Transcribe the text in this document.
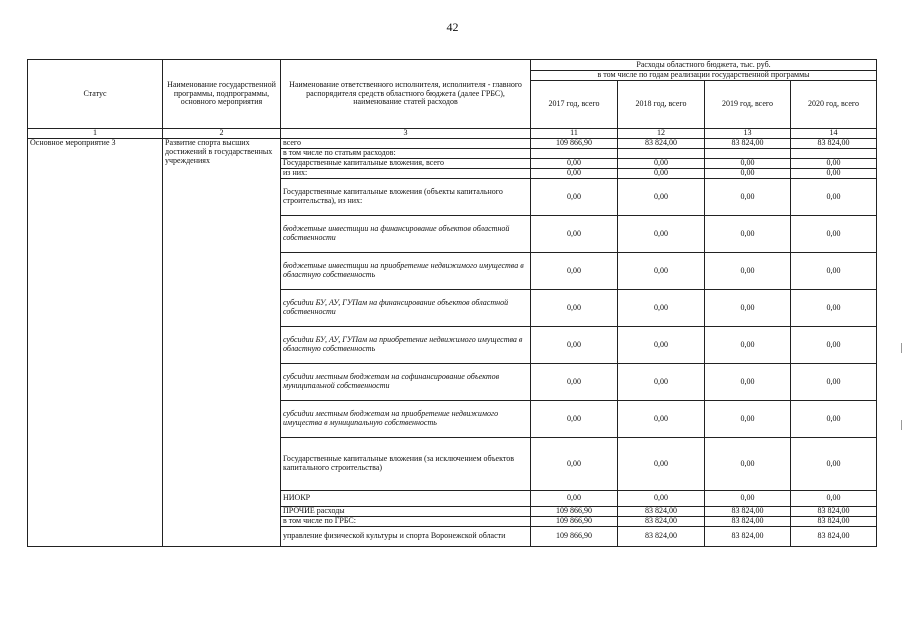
42
Статус	Наименование государственной программы, подпрограммы, основного мероприятия	Наименование ответственного исполнителя, исполнителя - главного распорядителя средств областного бюджета (далее ГРБС), наименование статей расходов	Расходы областного бюджета, тыс. руб.			
			в том числе по годам реализации государственной программы			
			2017 год, всего	2018 год, всего	2019 год, всего	2020 год, всего
1	2	3	11	12	13	14
Основное мероприятие 3	Развитие спорта высших достижений в государственных учреждениях	всего	109 866,90	83 824,00	83 824,00	83 824,00
		в том числе по статьям расходов:				
		Государственные капитальные вложения, всего	0,00	0,00	0,00	0,00
		из них:	0,00	0,00	0,00	0,00
		Государственные капитальные вложения (объекты капитального строительства), из них:	0,00	0,00	0,00	0,00
		бюджетные инвестиции на финансирование объектов областной собственности	0,00	0,00	0,00	0,00
		бюджетные инвестиции на приобретение недвижимого имущества в областную собственность	0,00	0,00	0,00	0,00
		субсидии БУ, АУ, ГУПам на финансирование объектов областной собственности	0,00	0,00	0,00	0,00
		субсидии БУ, АУ, ГУПам на приобретение недвижимого имущества в областную собственность	0,00	0,00	0,00	0,00
		субсидии местным бюджетам на софинансирование объектов муниципальной собственности	0,00	0,00	0,00	0,00
		субсидии местным бюджетам на приобретение недвижимого имущества в муниципальную собственность	0,00	0,00	0,00	0,00
		Государственные капитальные вложения (за исключением объектов капитального строительства)	0,00	0,00	0,00	0,00
		НИОКР	0,00	0,00	0,00	0,00
		ПРОЧИЕ расходы	109 866,90	83 824,00	83 824,00	83 824,00
		в том числе по ГРБС:	109 866,90	83 824,00	83 824,00	83 824,00
		управление физической культуры и спорта Воронежской области	109 866,90	83 824,00	83 824,00	83 824,00
